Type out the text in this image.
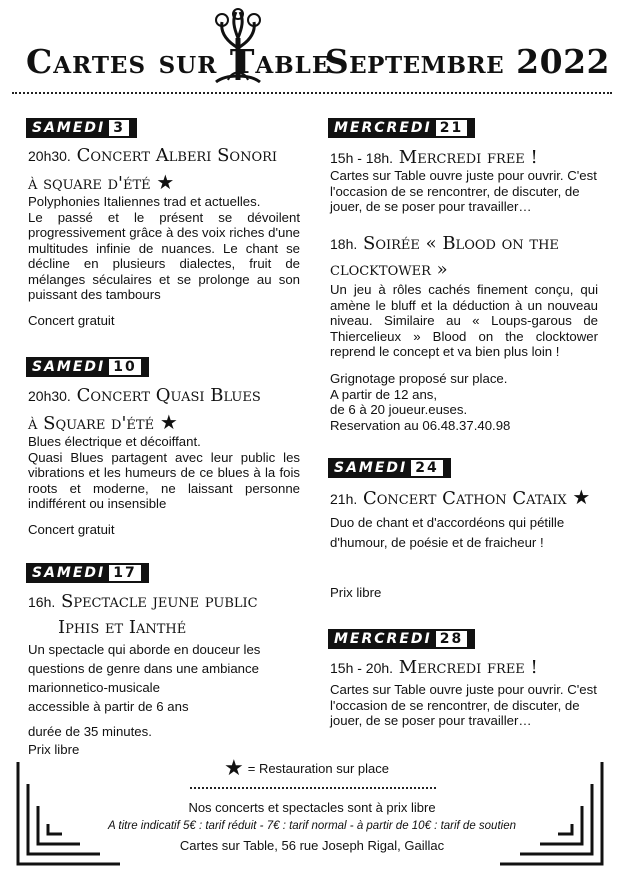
Cartes sur Table
Septembre 2022
SAMEDI 3
20h30. Concert Alberi Sonori
à square d'été ★

Polyphonies Italiennes trad et actuelles.

Le passé et le présent se dévoilent progressivement grâce à des voix riches d'une multitudes infinie de nuances. Le chant se décline en plusieurs dialectes, fruit de mélanges séculaires et se prolonge au son puissant des tambours

Concert gratuit
SAMEDI 10
20h30. Concert Quasi Blues
à Square d'été ★

Blues électrique et décoiffant.

Quasi Blues partagent avec leur public les vibrations et les humeurs de ce blues à la fois roots et moderne, ne laissant personne indifférent ou insensible

Concert gratuit
SAMEDI 17
16h. Spectacle jeune public
Iphis et Ianthé
Un spectacle qui aborde en douceur les questions de genre dans une ambiance marionnetico-musicale
accessible à partir de 6 ans
durée de 35 minutes.
Prix libre
MERCREDI 21
15h - 18h. Mercredi free !
Cartes sur Table ouvre juste pour ouvrir. C'est l'occasion de se rencontrer, de discuter, de jouer, de se poser pour travailler…
18h. Soirée « Blood on the
clocktower »
Un jeu à rôles cachés finement conçu, qui amène le bluff et la déduction à un nouveau niveau. Similaire au « Loups-garous de Thiercelieux » Blood on the clocktower reprend le concept et va bien plus loin !

Grignotage proposé sur place.

A partir de 12 ans,

de 6 à 20 joueur.euses.

Reservation au 06.48.37.40.98

SAMEDI 24
21h. Concert Cathon Cataix ★
Duo de chant et d'accordéons qui pétille d'humour, de poésie et de fraicheur !
Prix libre
MERCREDI 28
15h - 20h. Mercredi free !
Cartes sur Table ouvre juste pour ouvrir. C'est l'occasion de se rencontrer, de discuter, de jouer, de se poser pour travailler…
★ = Restauration sur place
Nos concerts et spectacles sont à prix libre
A titre indicatif 5€ : tarif réduit - 7€ : tarif normal - à partir de 10€ : tarif de soutien
Cartes sur Table, 56 rue Joseph Rigal, Gaillac
